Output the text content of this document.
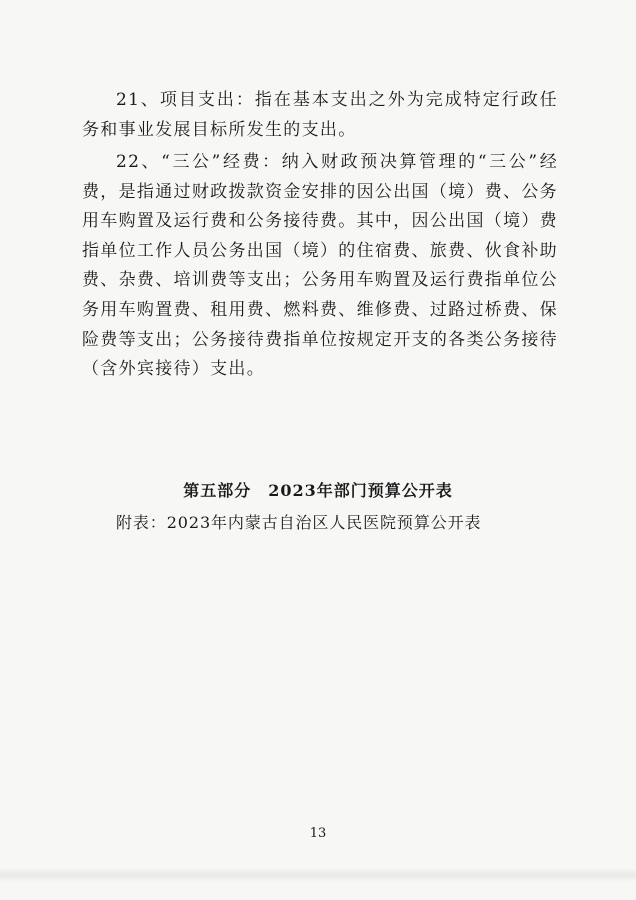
21、项目支出：指在基本支出之外为完成特定行政任务和事业发展目标所发生的支出。

22、“三公”经费：纳入财政预决算管理的“三公”经费，是指通过财政拨款资金安排的因公出国（境）费、公务用车购置及运行费和公务接待费。其中，因公出国（境）费指单位工作人员公务出国（境）的住宿费、旅费、伙食补助费、杂费、培训费等支出；公务用车购置及运行费指单位公务用车购置费、租用费、燃料费、维修费、过路过桥费、保险费等支出；公务接待费指单位按规定开支的各类公务接待（含外宾接待）支出。

第五部分　2023年部门预算公开表

附表：2023年内蒙古自治区人民医院预算公开表

13
